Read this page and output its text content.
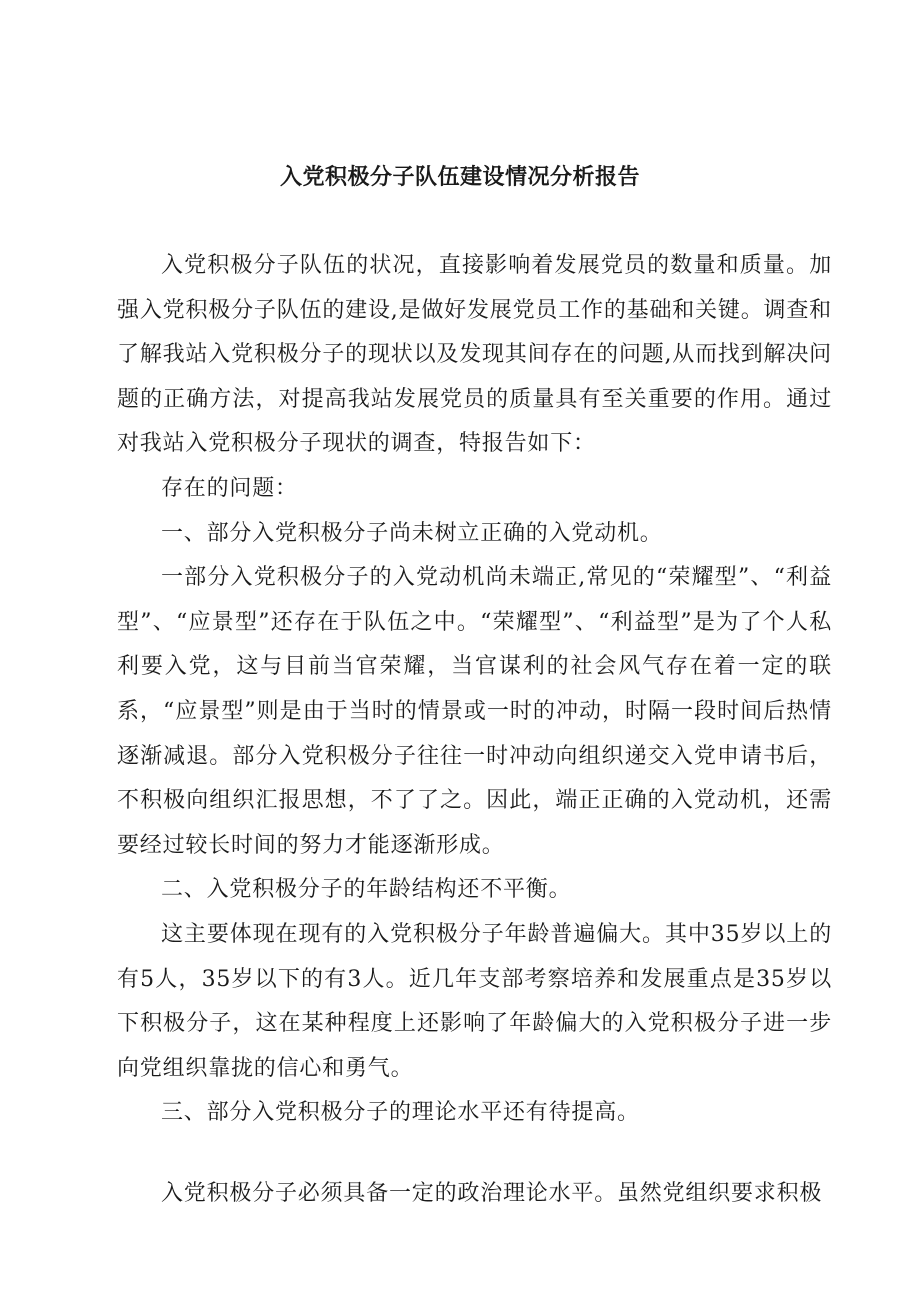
入党积极分子队伍建设情况分析报告

入党积极分子队伍的状况，直接影响着发展党员的数量和质量。加强入党积极分子队伍的建设,是做好发展党员工作的基础和关键。调查和了解我站入党积极分子的现状以及发现其间存在的问题,从而找到解决问题的正确方法，对提高我站发展党员的质量具有至关重要的作用。通过对我站入党积极分子现状的调查，特报告如下：

存在的问题：

一、部分入党积极分子尚未树立正确的入党动机。

一部分入党积极分子的入党动机尚未端正,常见的“荣耀型”、“利益型”、“应景型”还存在于队伍之中。“荣耀型”、“利益型”是为了个人私利要入党，这与目前当官荣耀，当官谋利的社会风气存在着一定的联系，“应景型”则是由于当时的情景或一时的冲动，时隔一段时间后热情逐渐减退。部分入党积极分子往往一时冲动向组织递交入党申请书后，不积极向组织汇报思想，不了了之。因此，端正正确的入党动机，还需要经过较长时间的努力才能逐渐形成。

二、入党积极分子的年龄结构还不平衡。

这主要体现在现有的入党积极分子年龄普遍偏大。其中35岁以上的有5人，35岁以下的有3人。近几年支部考察培养和发展重点是35岁以下积极分子，这在某种程度上还影响了年龄偏大的入党积极分子进一步向党组织靠拢的信心和勇气。

三、部分入党积极分子的理论水平还有待提高。

入党积极分子必须具备一定的政治理论水平。虽然党组织要求积极
